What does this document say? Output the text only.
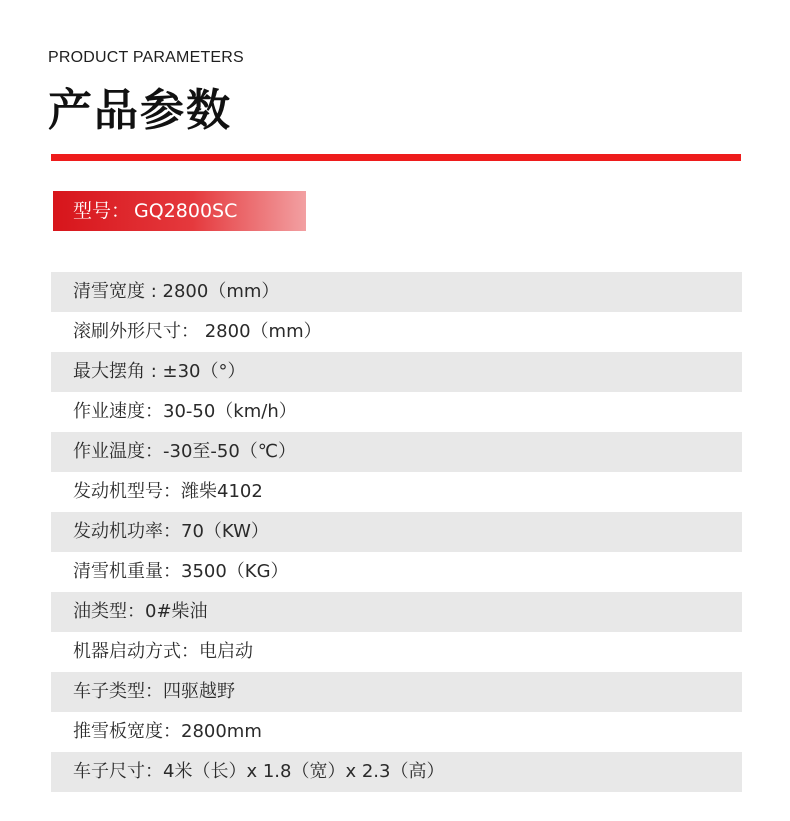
PRODUCT PARAMETERS
产品参数
型号： GQ2800SC
清雪宽度 : 2800（mm）
滚刷外形尺寸： 2800（mm）
最大摆角 : ±30（°）
作业速度：30-50（km/h）
作业温度：-30至-50（℃）
发动机型号：潍柴4102
发动机功率：70（KW）
清雪机重量：3500（KG）
油类型：0#柴油
机器启动方式：电启动
车子类型：四驱越野
推雪板宽度：2800mm
车子尺寸：4米（长）x 1.8（宽）x 2.3（高）
